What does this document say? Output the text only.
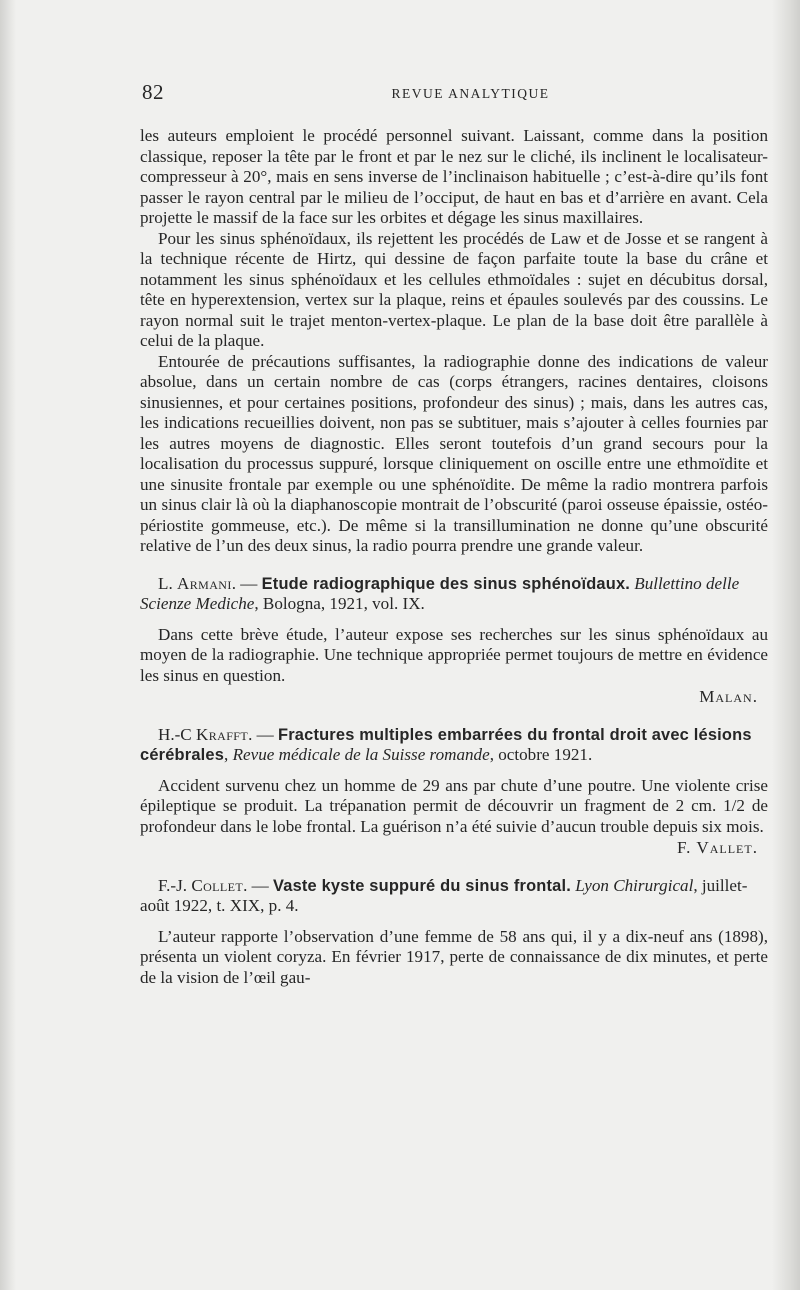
82	REVUE ANALYTIQUE

les auteurs emploient le procédé personnel suivant. Laissant, comme dans la position classique, reposer la tête par le front et par le nez sur le cliché, ils inclinent le localisateur-compresseur à 20°, mais en sens inverse de l’inclinaison habituelle ; c’est-à-dire qu’ils font passer le rayon central par le milieu de l’occiput, de haut en bas et d’arrière en avant. Cela projette le massif de la face sur les orbites et dégage les sinus maxillaires.

Pour les sinus sphénoïdaux, ils rejettent les procédés de Law et de Josse et se rangent à la technique récente de Hirtz, qui dessine de façon parfaite toute la base du crâne et notamment les sinus sphénoïdaux et les cellules ethmoïdales : sujet en décubitus dorsal, tête en hyperextension, vertex sur la plaque, reins et épaules soulevés par des coussins. Le rayon normal suit le trajet menton-vertex-plaque. Le plan de la base doit être parallèle à celui de la plaque.

Entourée de précautions suffisantes, la radiographie donne des indications de valeur absolue, dans un certain nombre de cas (corps étrangers, racines dentaires, cloisons sinusiennes, et pour certaines positions, profondeur des sinus) ; mais, dans les autres cas, les indications recueillies doivent, non pas se subtituer, mais s’ajouter à celles fournies par les autres moyens de diagnostic. Elles seront toutefois d’un grand secours pour la localisation du processus suppuré, lorsque cliniquement on oscille entre une ethmoïdite et une sinusite frontale par exemple ou une sphénoïdite. De même la radio montrera parfois un sinus clair là où la diaphanoscopie montrait de l’obscurité (paroi osseuse épaissie, ostéo-périostite gommeuse, etc.). De même si la transillumination ne donne qu’une obscurité relative de l’un des deux sinus, la radio pourra prendre une grande valeur.

L. Armani. — Etude radiographique des sinus sphénoïdaux. Bullettino delle Scienze Mediche, Bologna, 1921, vol. IX.

Dans cette brève étude, l’auteur expose ses recherches sur les sinus sphénoïdaux au moyen de la radiographie. Une technique appropriée permet toujours de mettre en évidence les sinus en question.

Malan.

H.-C Krafft. — Fractures multiples embarrées du frontal droit avec lésions cérébrales, Revue médicale de la Suisse romande, octobre 1921.

Accident survenu chez un homme de 29 ans par chute d’une poutre. Une violente crise épileptique se produit. La trépanation permit de découvrir un fragment de 2 cm. 1/2 de profondeur dans le lobe frontal. La guérison n’a été suivie d’aucun trouble depuis six mois.

F. Vallet.

F.-J. Collet. — Vaste kyste suppuré du sinus frontal. Lyon Chirurgical, juillet-août 1922, t. XIX, p. 4.

L’auteur rapporte l’observation d’une femme de 58 ans qui, il y a dix-neuf ans (1898), présenta un violent coryza. En février 1917, perte de connaissance de dix minutes, et perte de la vision de l’œil gau-
